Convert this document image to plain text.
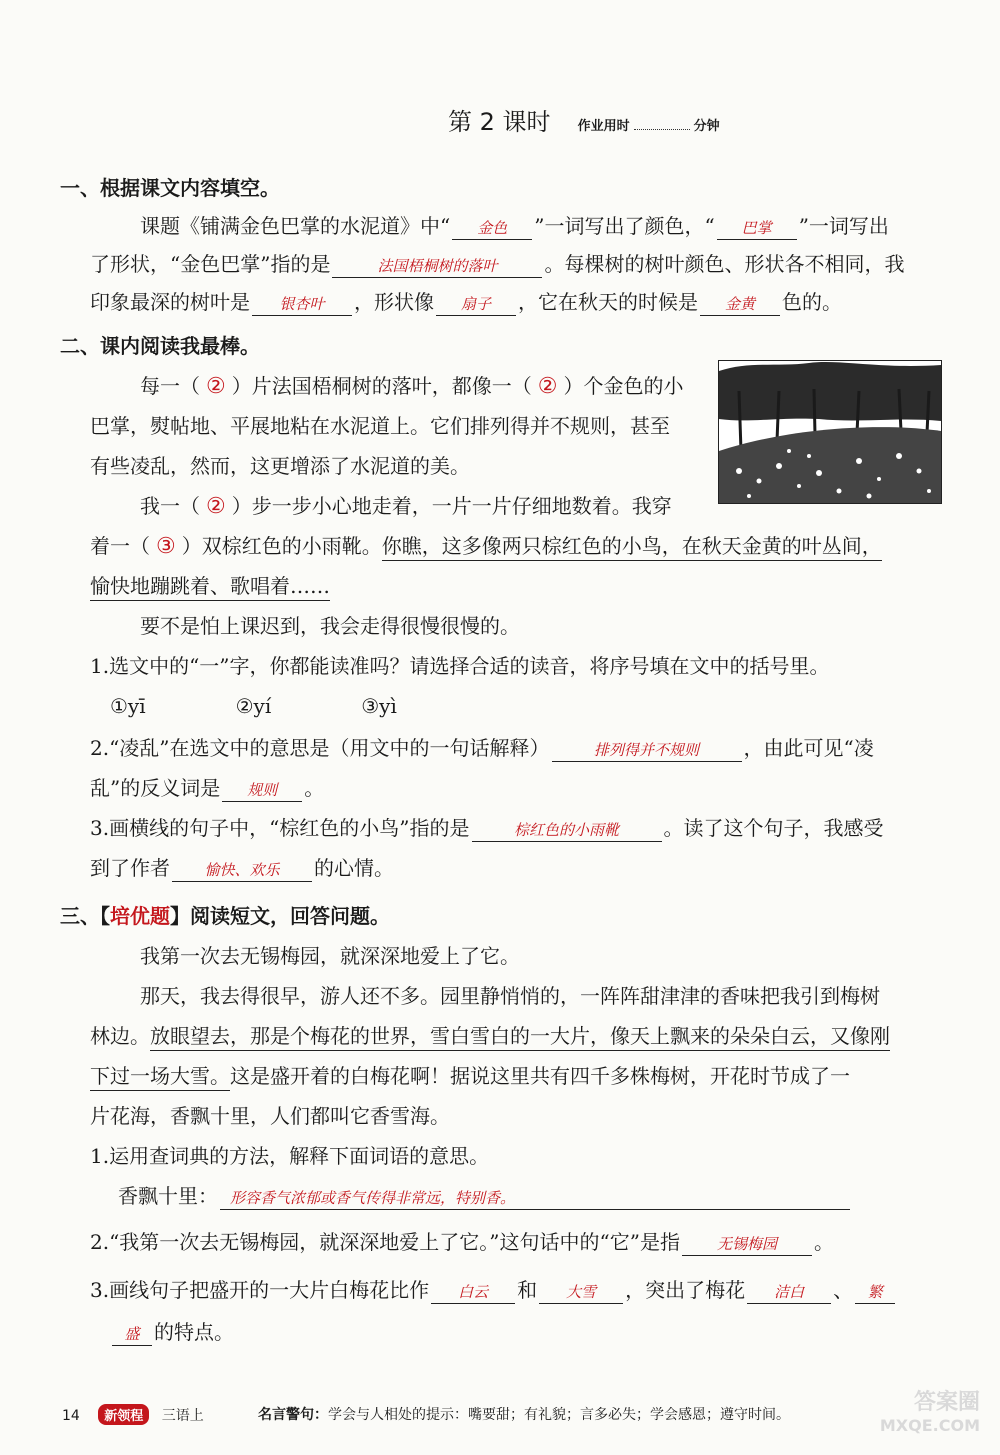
第 2 课时 作业用时	分钟
一、根据课文内容填空。
课题《铺满金色巴掌的水泥道》中“ 金色 ”一词写出了颜色，“ 巴掌 ”一词写出
了形状，“金色巴掌”指的是	法国梧桐树的落叶 。每棵树的树叶颜色、形状各不相同，我
印象最深的树叶是 银杏叶 ，形状像 扇子 ，它在秋天的时候是 金黄 色的。
二、课内阅读我最棒。
每一（ ② ）片法国梧桐树的落叶，都像一（ ② ）个金色的小
巴掌，熨帖地、平展地粘在水泥道上。它们排列得并不规则，甚至
有些凌乱，然而，这更增添了水泥道的美。
我一（ ② ）步一步小心地走着，一片一片仔细地数着。我穿
着一（ ③ ）双棕红色的小雨靴。你瞧，这多像两只棕红色的小鸟，在秋天金黄的叶丛间，
愉快地蹦跳着、歌唱着……
要不是怕上课迟到，我会走得很慢很慢的。
1.选文中的“一”字，你都能读准吗？请选择合适的读音，将序号填在文中的括号里。
①yī	②yí	③yì
2.“凌乱”在选文中的意思是（用文中的一句话解释）	排列得并不规则 ，由此可见“凌
乱”的反义词是 规则 。
3.画横线的句子中，“棕红色的小鸟”指的是	棕红色的小雨靴 。读了这个句子，我感受
到了作者 愉快、欢乐 的心情。
三、【培优题】阅读短文，回答问题。
我第一次去无锡梅园，就深深地爱上了它。
那天，我去得很早，游人还不多。园里静悄悄的，一阵阵甜津津的香味把我引到梅树
林边。放眼望去，那是个梅花的世界，雪白雪白的一大片，像天上飘来的朵朵白云，又像刚
下过一场大雪。这是盛开着的白梅花啊！据说这里共有四千多株梅树，开花时节成了一
片花海，香飘十里，人们都叫它香雪海。
1.运用查词典的方法，解释下面词语的意思。
香飘十里： 形容香气浓郁或香气传得非常远，特别香。
2.“我第一次去无锡梅园，就深深地爱上了它。”这句话中的“它”是指 无锡梅园 。
3.画线句子把盛开的一大片白梅花比作 白云 和 大雪 ，突出了梅花 洁白 、 繁
盛 的特点。
14 新领程 三语上	名言警句：学会与人相处的提示：嘴要甜；有礼貌；言多必失；学会感恩；遵守时间。	答案圈
MXQE.COM
